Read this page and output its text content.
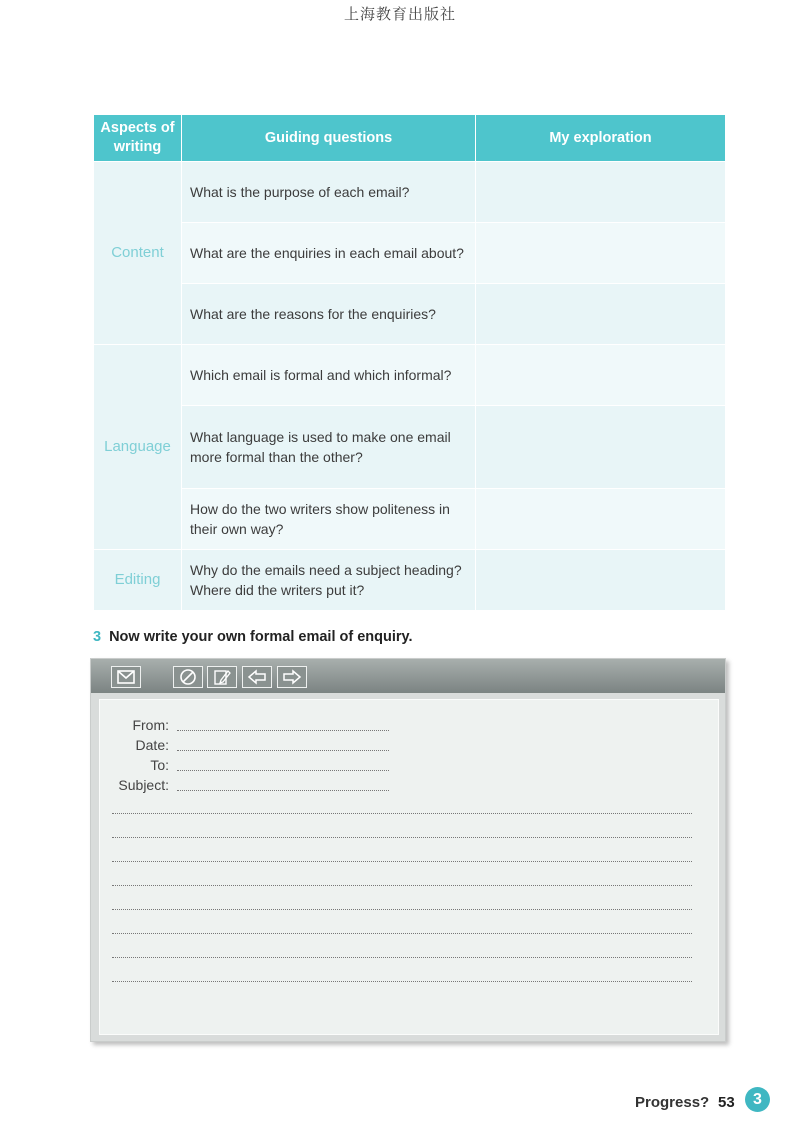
上海教育出版社
Aspects of writing	Guiding questions	My exploration
Content	What is the purpose of each email?	
	What are the enquiries in each email about?	
	What are the reasons for the enquiries?	
Language	Which email is formal and which informal?	
	What language is used to make one email more formal than the other?	
	How do the two writers show politeness in their own way?	
Editing	Why do the emails need a subject heading? Where did the writers put it?	
3 Now write your own formal email of enquiry.
From:
Date:
To:
Subject:
Progress? 53	3
